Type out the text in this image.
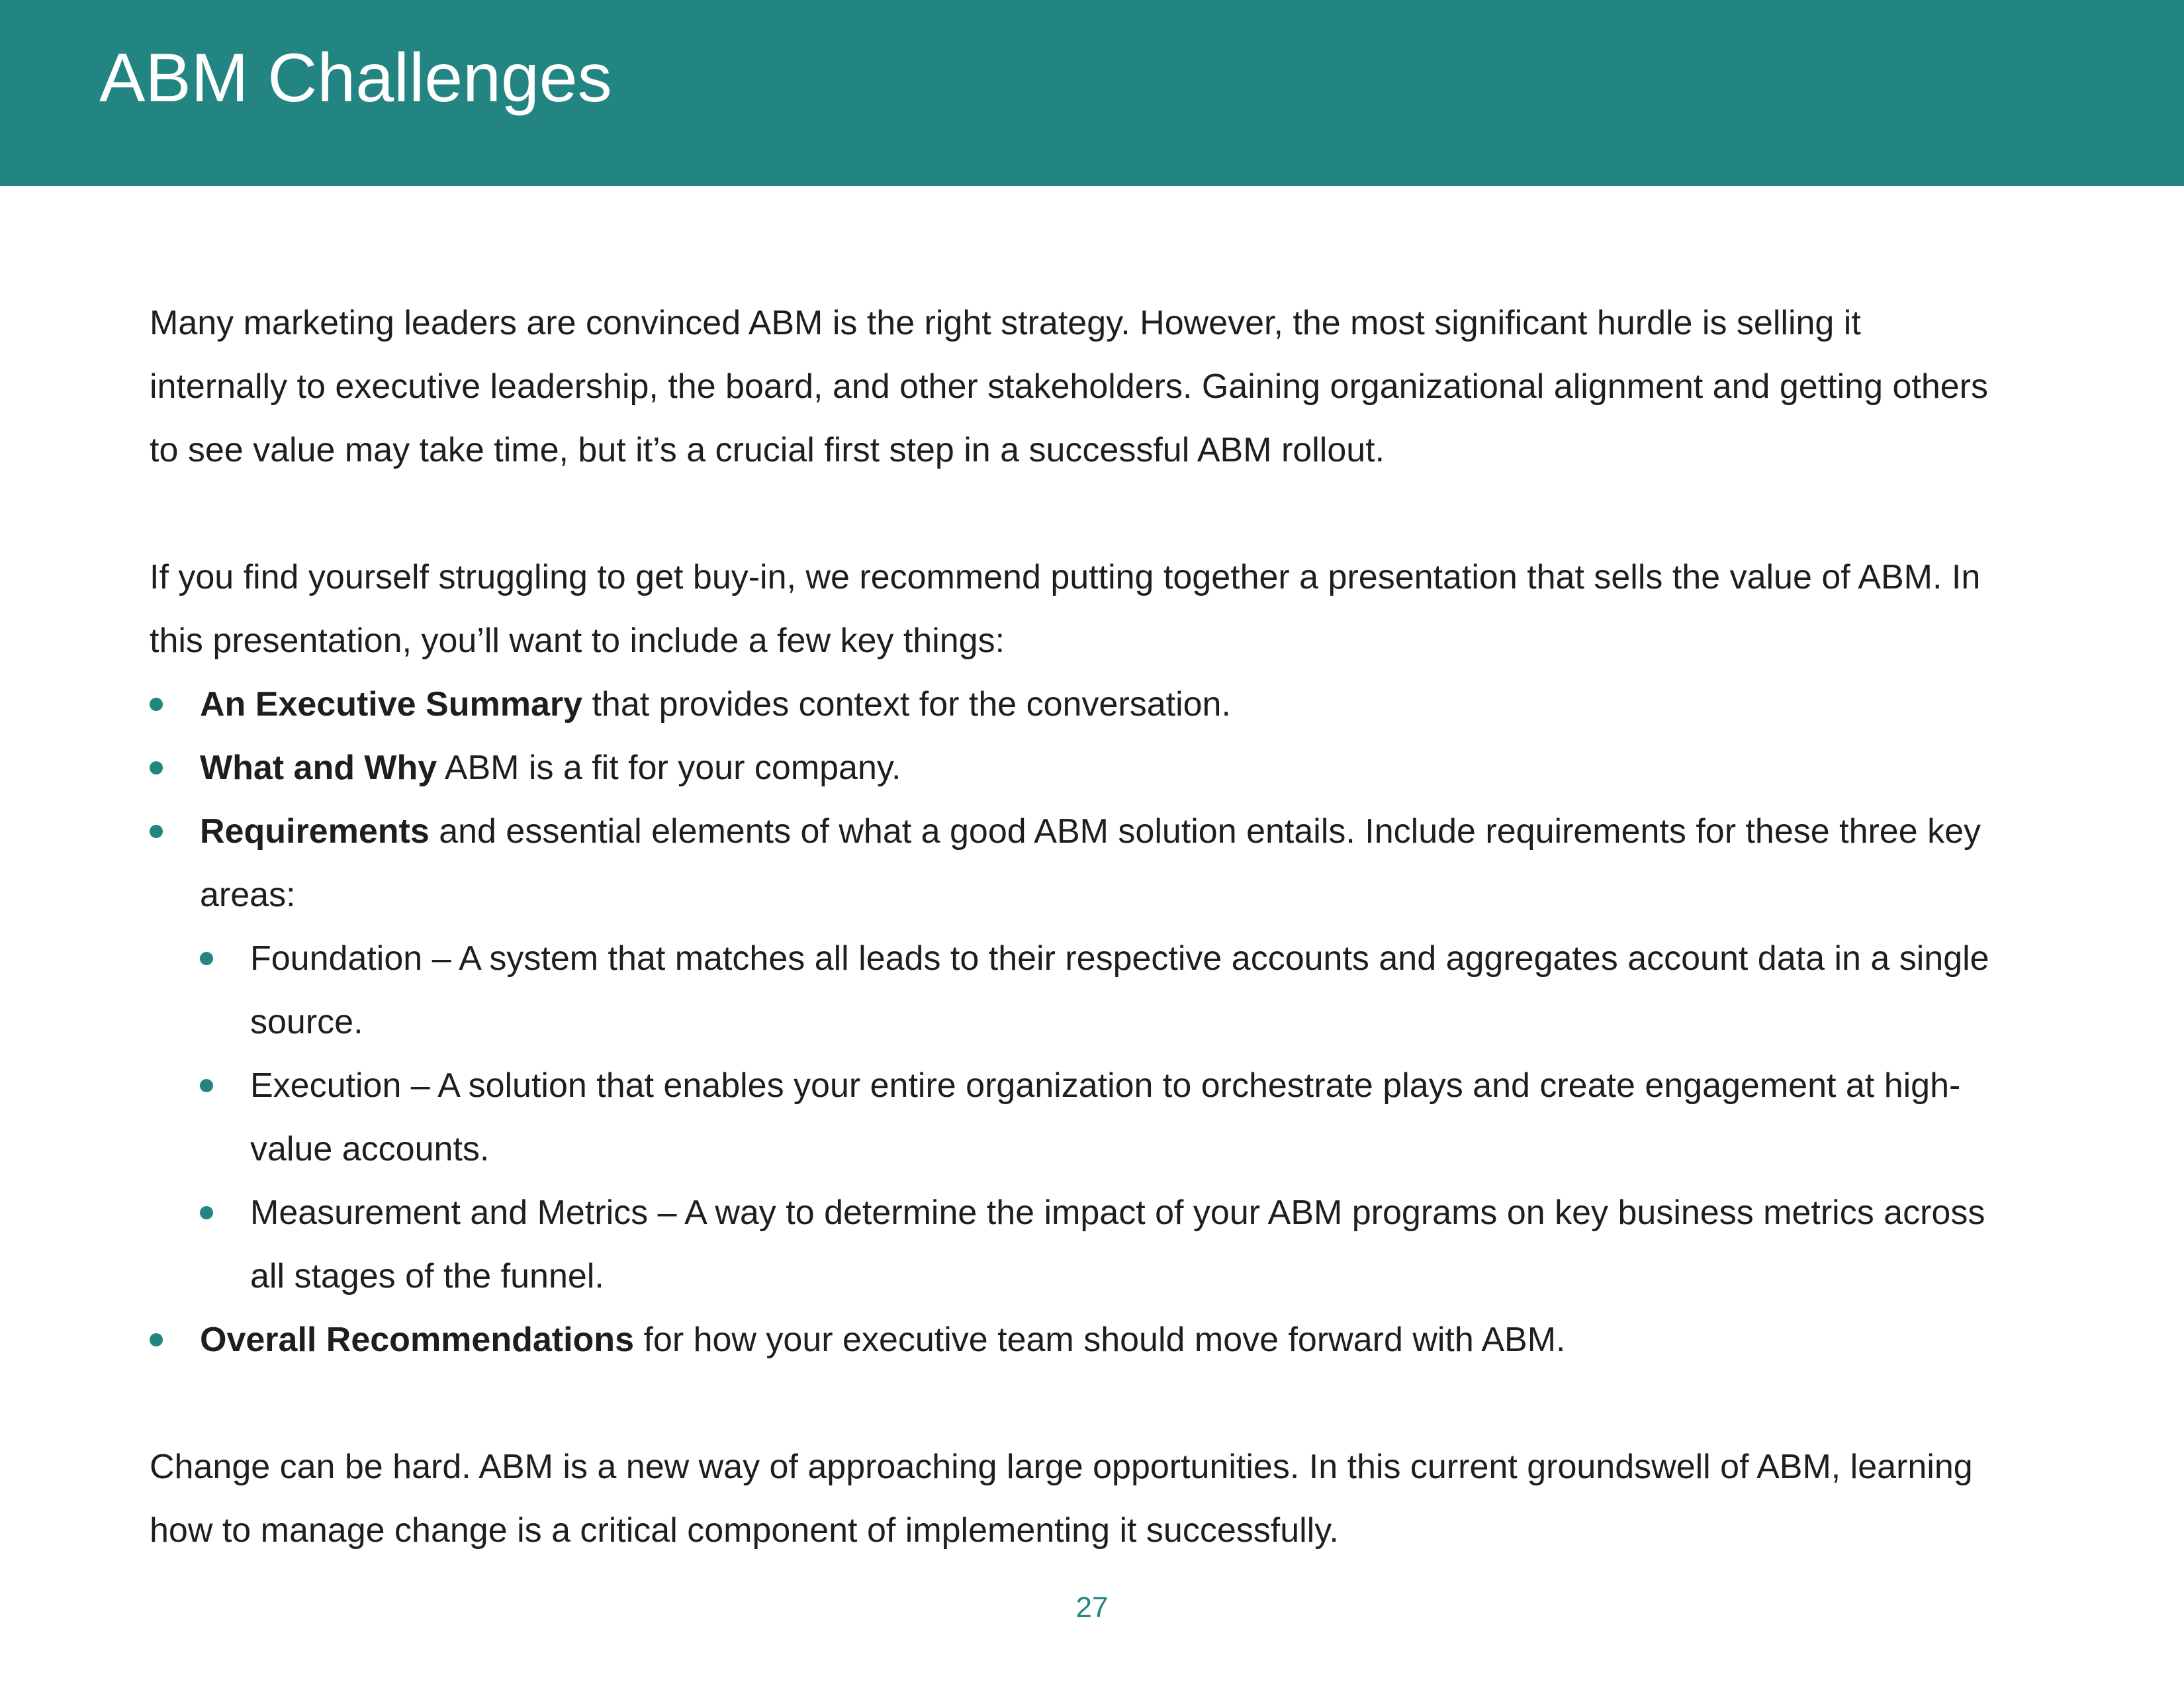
ABM Challenges

Many marketing leaders are convinced ABM is the right strategy. However, the most significant hurdle is selling it internally to executive leadership, the board, and other stakeholders. Gaining organizational alignment and getting others to see value may take time, but it’s a crucial first step in a successful ABM rollout.

If you find yourself struggling to get buy-in, we recommend putting together a presentation that sells the value of ABM. In this presentation, you’ll want to include a few key things:

An Executive Summary that provides context for the conversation.
What and Why ABM is a fit for your company.
Requirements and essential elements of what a good ABM solution entails. Include requirements for these three key areas:
Foundation – A system that matches all leads to their respective accounts and aggregates account data in a single source.
Execution – A solution that enables your entire organization to orchestrate plays and create engagement at high-value accounts.
Measurement and Metrics – A way to determine the impact of your ABM programs on key business metrics across all stages of the funnel.
Overall Recommendations for how your executive team should move forward with ABM.

Change can be hard. ABM is a new way of approaching large opportunities. In this current groundswell of ABM, learning how to manage change is a critical component of implementing it successfully.

27
